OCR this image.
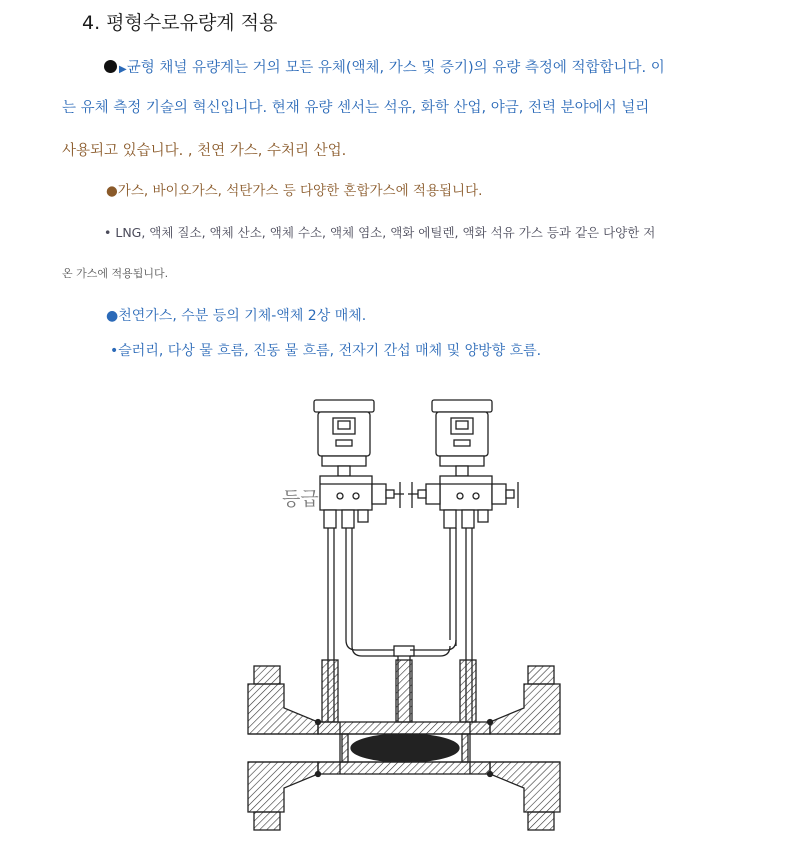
4. 평형수로유량계 적용
▶균형 채널 유량계는 거의 모든 유체(액체, 가스 및 증기)의 유량 측정에 적합합니다. 이
는 유체 측정 기술의 혁신입니다. 현재 유량 센서는 석유, 화학 산업, 야금, 전력 분야에서 널리
사용되고 있습니다. , 천연 가스, 수처리 산업.
●가스, 바이오가스, 석탄가스 등 다양한 혼합가스에 적용됩니다.
• LNG, 액체 질소, 액체 산소, 액체 수소, 액체 염소, 액화 에틸렌, 액화 석유 가스 등과 같은 다양한 저
온 가스에 적용됩니다.
●천연가스, 수분 등의 기체-액체 2상 매체.
•슬러리, 다상 물 흐름, 진동 물 흐름, 전자기 간섭 매체 및 양방향 흐름.
등급
